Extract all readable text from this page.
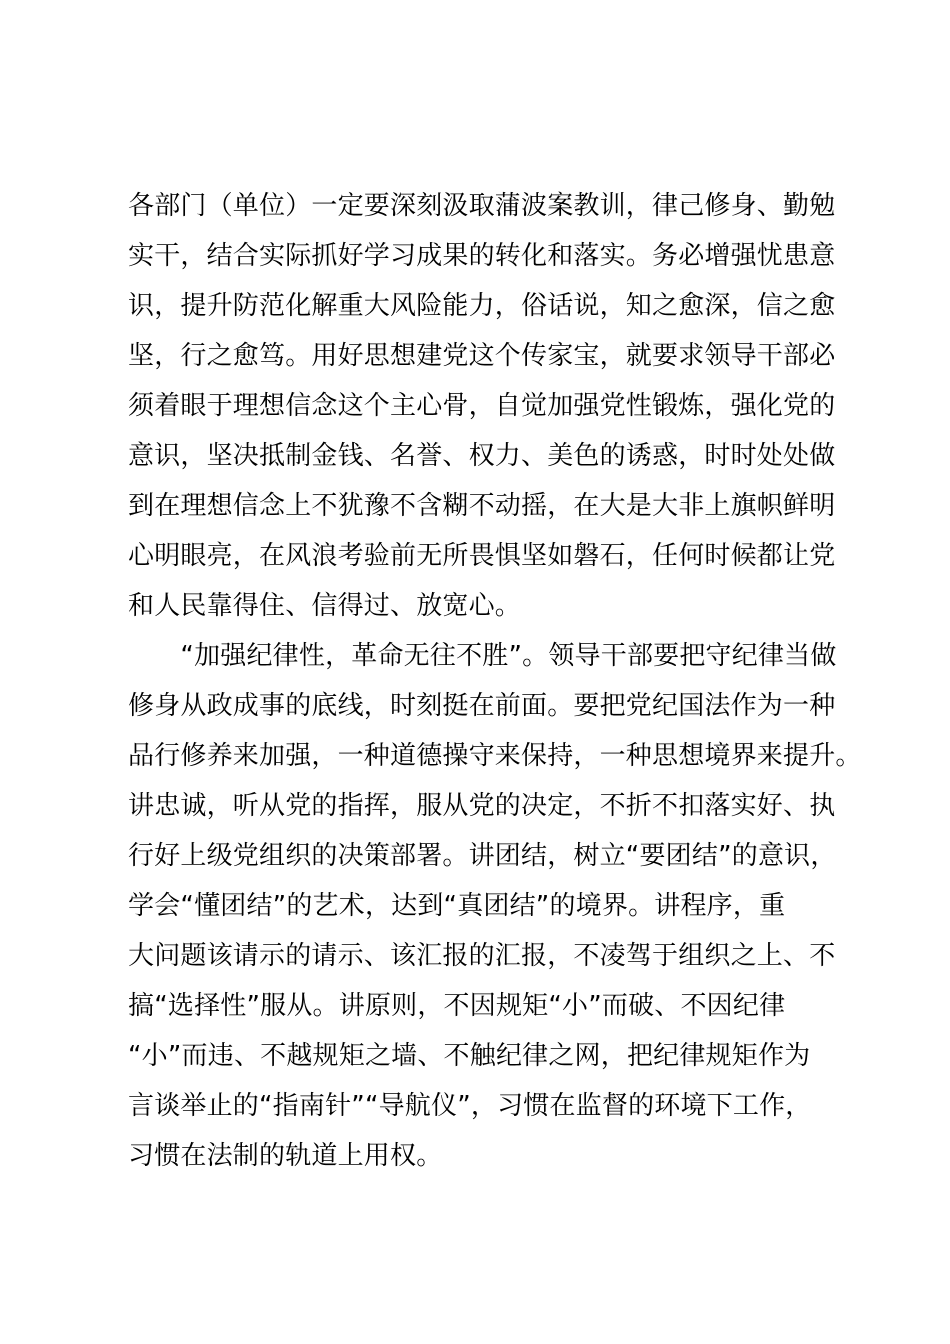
各部门（单位）一定要深刻汲取蒲波案教训，律己修身、勤勉
实干，结合实际抓好学习成果的转化和落实。务必增强忧患意
识，提升防范化解重大风险能力，俗话说，知之愈深，信之愈
坚，行之愈笃。用好思想建党这个传家宝，就要求领导干部必
须着眼于理想信念这个主心骨，自觉加强党性锻炼，强化党的
意识，坚决抵制金钱、名誉、权力、美色的诱惑，时时处处做
到在理想信念上不犹豫不含糊不动摇，在大是大非上旗帜鲜明
心明眼亮，在风浪考验前无所畏惧坚如磐石，任何时候都让党
和人民靠得住、信得过、放宽心。
　　“加强纪律性，革命无往不胜”。领导干部要把守纪律当做
修身从政成事的底线，时刻挺在前面。要把党纪国法作为一种
品行修养来加强，一种道德操守来保持，一种思想境界来提升。
讲忠诚，听从党的指挥，服从党的决定，不折不扣落实好、执
行好上级党组织的决策部署。讲团结，树立“要团结”的意识，
学会“懂团结”的艺术，达到“真团结”的境界。讲程序，重
大问题该请示的请示、该汇报的汇报，不凌驾于组织之上、不
搞“选择性”服从。讲原则，不因规矩“小”而破、不因纪律
“小”而违、不越规矩之墙、不触纪律之网，把纪律规矩作为
言谈举止的“指南针”“导航仪”，习惯在监督的环境下工作，
习惯在法制的轨道上用权。
